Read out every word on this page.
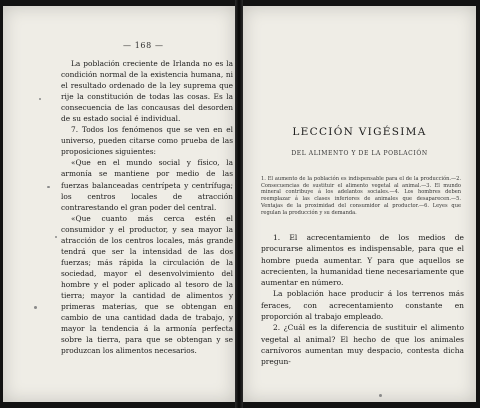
— 168 —

La población creciente de Irlanda no es la condición normal de la existencia humana, ni el resultado ordenado de la ley suprema que rije la constitución de todas las cosas. Es la consecuencia de las concausas del desorden de su estado social é individual.

7. Todos los fenómenos que se ven en el universo, pueden citarse como prueba de las proposiciones siguientes:

«Que en el mundo social y físico, la armonía se mantiene por medio de las fuerzas balanceadas centrípeta y centrífuga; los centros locales de atracción contrarestando el gran poder del central.

«Que cuanto más cerca estén el consumidor y el productor, y sea mayor la atracción de los centros locales, más grande tendrá que ser la intensidad de las dos fuerzas; más rápida la circulación de la sociedad, mayor el desenvolvimiento del hombre y el poder aplicado al tesoro de la tierra; mayor la cantidad de alimentos y primeras materias, que se obtengan en cambio de una cantidad dada de trabajo, y mayor la tendencia á la armonía perfecta sobre la tierra, para que se obtengan y se produzcan los alimentos necesarios.

LECCIÓN VIGÉSIMA
DEL ALIMENTO Y DE LA POBLACIÓN
1. El aumento de la población es indispensable para el de la producción.—2. Consecuencias de sustituir el alimento vegetal al animal.—3. El mundo mineral contribuye á los adelantos sociales.—4. Los hombres deben reemplazar á las clases inferiores de animales que desaparecen.—5. Ventajas de la proximidad del consumidor al productor.—6. Leyes que regulan la producción y su demanda.

1. El acrecentamiento de los medios de procurarse alimentos es indispensable, para que el hombre pueda aumentar. Y para que aquellos se acrecienten, la humanidad tiene necesariamente que aumentar en número.

La población hace producir á los terrenos más feraces, con acrecentamiento constante en proporción al trabajo empleado.

2. ¿Cuál es la diferencia de sustituir el alimento vegetal al animal? El hecho de que los animales carnívoros aumentan muy despacio, contesta dicha pregun-
